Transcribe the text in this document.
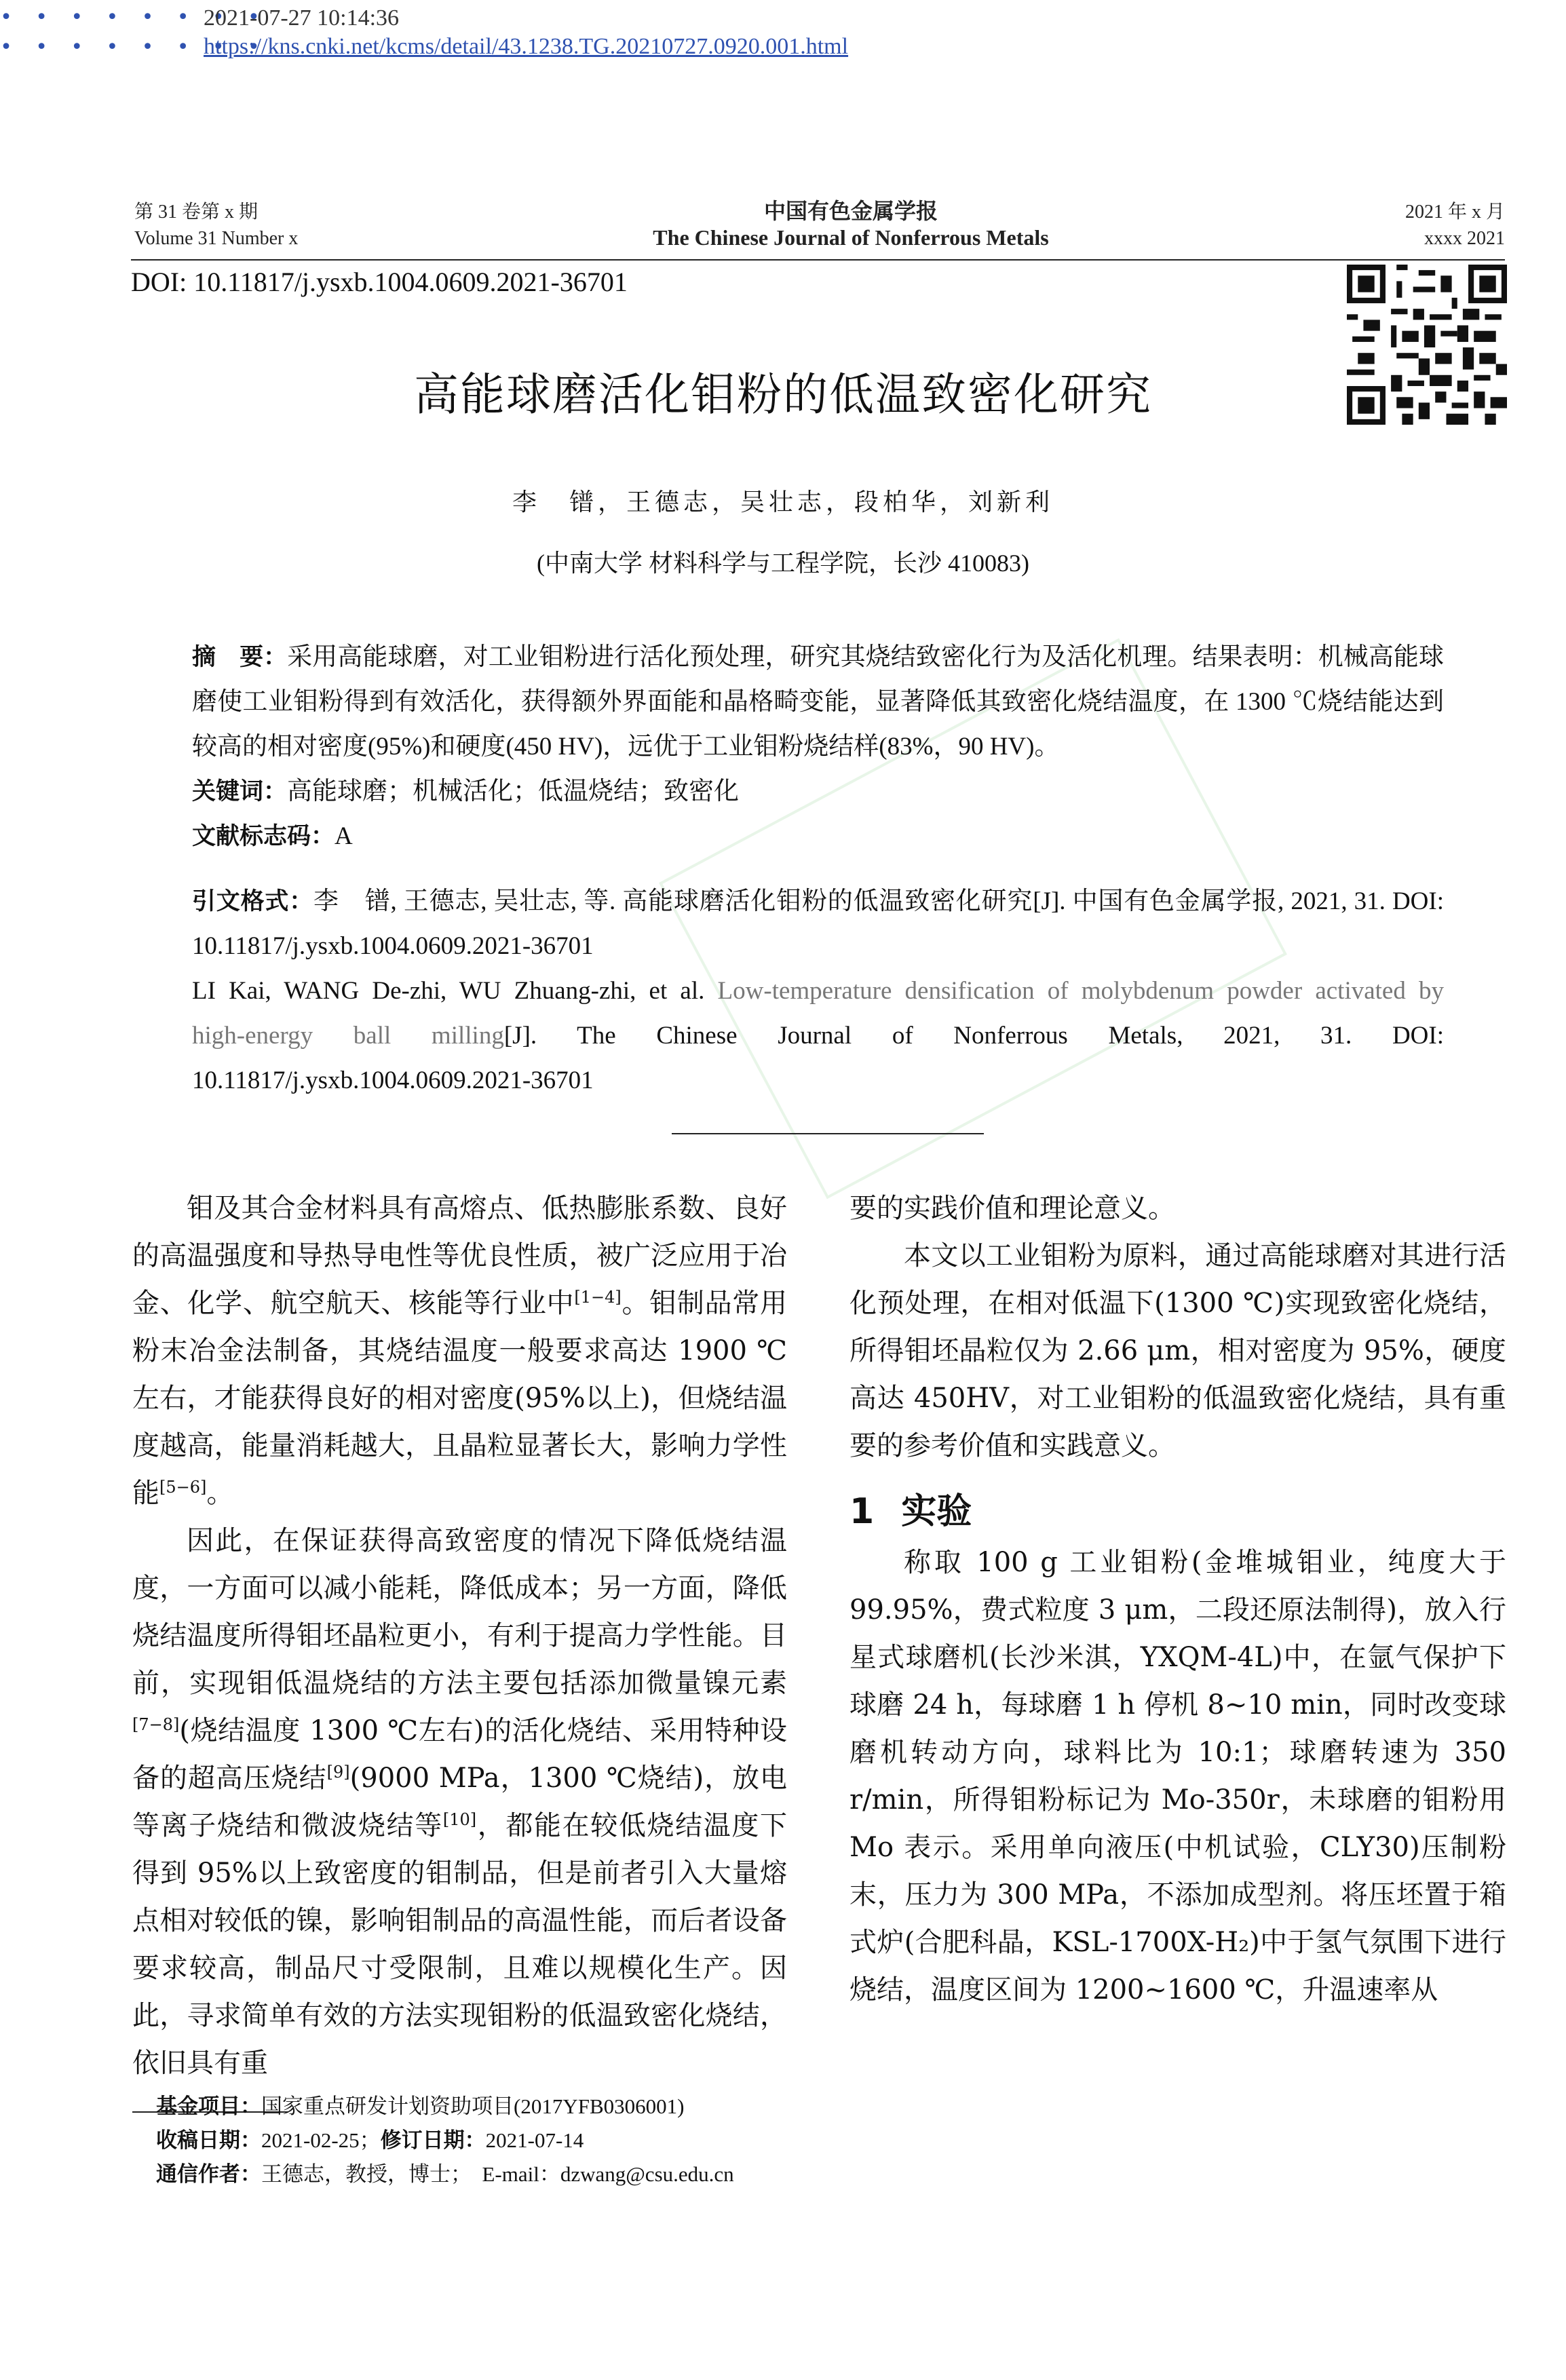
• • • • • • • •
• • • • • • • •
2021-07-27 10:14:36
https://kns.cnki.net/kcms/detail/43.1238.TG.20210727.0920.001.html
第 31 卷第 x 期
Volume 31 Number x
中国有色金属学报
The Chinese Journal of Nonferrous Metals
2021 年 x 月
xxxx 2021
DOI: 10.11817/j.ysxb.1004.0609.2021-36701
高能球磨活化钼粉的低温致密化研究
李　镨，王德志，吴壮志，段柏华，刘新利
(中南大学 材料科学与工程学院，长沙 410083)
摘　要：采用高能球磨，对工业钼粉进行活化预处理，研究其烧结致密化行为及活化机理。结果表明：机械高能球磨使工业钼粉得到有效活化，获得额外界面能和晶格畸变能，显著降低其致密化烧结温度，在 1300 ℃烧结能达到较高的相对密度(95%)和硬度(450 HV)，远优于工业钼粉烧结样(83%，90 HV)。
关键词：高能球磨；机械活化；低温烧结；致密化
文献标志码：A
引文格式：李　镨, 王德志, 吴壮志, 等. 高能球磨活化钼粉的低温致密化研究[J]. 中国有色金属学报, 2021, 31. DOI: 10.11817/j.ysxb.1004.0609.2021-36701
LI Kai, WANG De-zhi, WU Zhuang-zhi, et al. Low-temperature densification of molybdenum powder activated by
high-energy  ball  milling[J].  The  Chinese  Journal  of  Nonferrous  Metals,  2021,  31.  DOI:
10.11817/j.ysxb.1004.0609.2021-36701

钼及其合金材料具有高熔点、低热膨胀系数、良好的高温强度和导热导电性等优良性质，被广泛应用于冶金、化学、航空航天、核能等行业中[1−4]。钼制品常用粉末冶金法制备，其烧结温度一般要求高达 1900 ℃左右，才能获得良好的相对密度(95%以上)，但烧结温度越高，能量消耗越大，且晶粒显著长大，影响力学性能[5−6]。

因此，在保证获得高致密度的情况下降低烧结温度，一方面可以减小能耗，降低成本；另一方面，降低烧结温度所得钼坯晶粒更小，有利于提高力学性能。目前，实现钼低温烧结的方法主要包括添加微量镍元素[7−8](烧结温度 1300 ℃左右)的活化烧结、采用特种设备的超高压烧结[9](9000 MPa，1300 ℃烧结)，放电等离子烧结和微波烧结等[10]，都能在较低烧结温度下得到 95%以上致密度的钼制品，但是前者引入大量熔点相对较低的镍，影响钼制品的高温性能，而后者设备要求较高，制品尺寸受限制，且难以规模化生产。因此，寻求简单有效的方法实现钼粉的低温致密化烧结，依旧具有重

要的实践价值和理论意义。

本文以工业钼粉为原料，通过高能球磨对其进行活化预处理，在相对低温下(1300 ℃)实现致密化烧结，所得钼坯晶粒仅为 2.66 μm，相对密度为 95%，硬度高达 450HV，对工业钼粉的低温致密化烧结，具有重要的参考价值和实践意义。

1 实验

称取 100 g 工业钼粉(金堆城钼业，纯度大于 99.95%，费式粒度 3 μm，二段还原法制得)，放入行星式球磨机(长沙米淇，YXQM-4L)中，在氩气保护下球磨 24 h，每球磨 1 h 停机 8~10 min，同时改变球磨机转动方向，球料比为 10:1；球磨转速为 350 r/min，所得钼粉标记为 Mo-350r，未球磨的钼粉用 Mo 表示。采用单向液压(中机试验，CLY30)压制粉末，压力为 300 MPa，不添加成型剂。将压坯置于箱式炉(合肥科晶，KSL-1700X-H₂)中于氢气氛围下进行烧结，温度区间为 1200~1600 ℃，升温速率从

基金项目：国家重点研发计划资助项目(2017YFB0306001)
收稿日期：2021-02-25；修订日期：2021-07-14
通信作者：王德志，教授，博士；　E-mail：dzwang@csu.edu.cn
